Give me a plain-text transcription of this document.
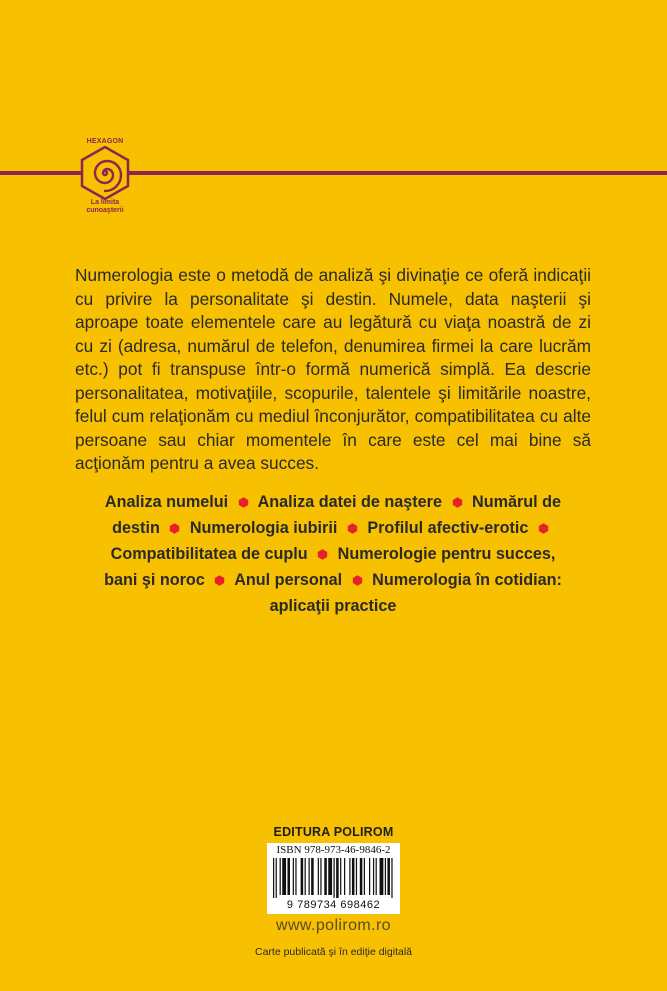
HEXAGON
La limita
cunoaşterii

Numerologia este o metodă de analiză şi divinaţie ce oferă indicaţii cu privire la personalitate şi destin. Numele, data naşterii şi aproape toate elementele care au legătură cu viaţa noastră de zi cu zi (adresa, numărul de telefon, denumirea firmei la care lucrăm etc.) pot fi transpuse într-o formă numerică simplă. Ea descrie personalitatea, motivaţiile, scopurile, talentele şi limitările noastre, felul cum relaţionăm cu mediul înconjurător, compatibilitatea cu alte persoane sau chiar momentele în care este cel mai bine să acţionăm pentru a avea succes.

Analiza numelui Analiza datei de naştere Numărul de destin Numerologia iubirii Profilul afectiv-erotic  Compatibilitatea de cuplu Numerologie pentru succes, bani şi noroc Anul personal Numerologia în cotidian: aplicaţii practice
EDITURA POLIROM
ISBN 978-973-46-9846-2
9 789734 698462
www.polirom.ro
Carte publicată şi în ediţie digitală
